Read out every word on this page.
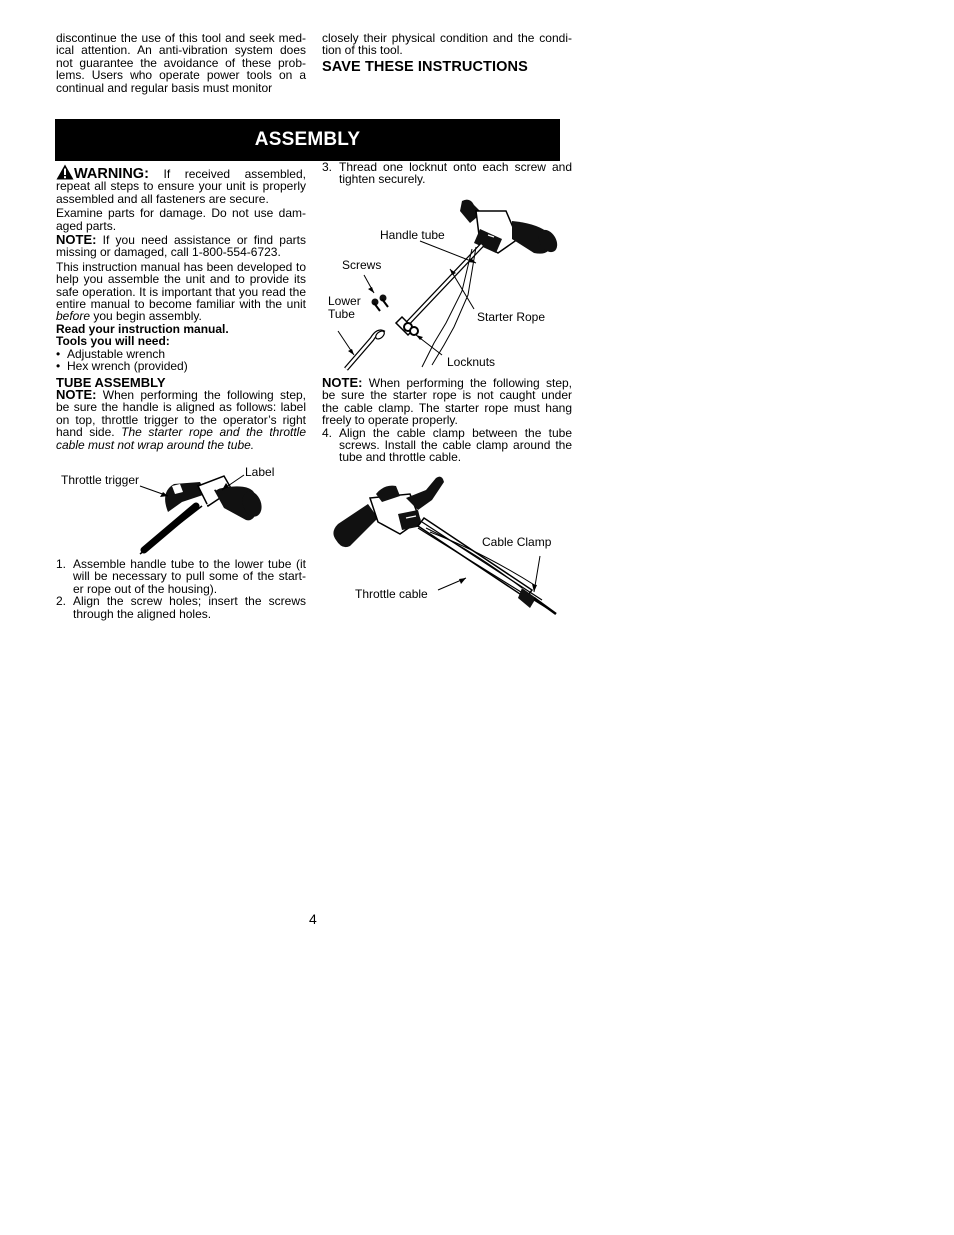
discontinue the use of this tool and seek med-ical attention. An anti-vibration system does not guarantee the avoidance of these prob-lems. Users who operate power tools on a continual and regular basis must monitor

closely their physical condition and the condi-tion of this tool.

SAVE THESE INSTRUCTIONS

ASSEMBLY

WARNING: If received assembled, repeat all steps to ensure your unit is properly assembled and all fasteners are secure.

Examine parts for damage. Do not use dam-aged parts.

NOTE: If you need assistance or find parts missing or damaged, call 1-800-554-6723.

This instruction manual has been developed to help you assemble the unit and to provide its safe operation. It is important that you read the entire manual to become familiar with the unit before you begin assembly.

Read your instruction manual.

Tools you will need:

• Adjustable wrench
• Hex wrench (provided)

TUBE ASSEMBLY

NOTE: When performing the following step, be sure the handle is aligned as follows: label on top, throttle trigger to the operator’s right hand side. The starter rope and the throttle cable must not wrap around the tube.

Throttle trigger
Label
1. Assemble handle tube to the lower tube (it will be necessary to pull some of the start-er rope out of the housing).
2. Align the screw holes; insert the screws through the aligned holes.
3. Thread one locknut onto each screw and tighten securely.
Handle tube
Screws
Lower
Tube	Starter Rope
Locknuts

NOTE: When performing the following step, be sure the starter rope is not caught under the cable clamp. The starter rope must hang freely to operate properly.

4. Align the cable clamp between the tube screws. Install the cable clamp around the tube and throttle cable.
Cable Clamp
Throttle cable
4
